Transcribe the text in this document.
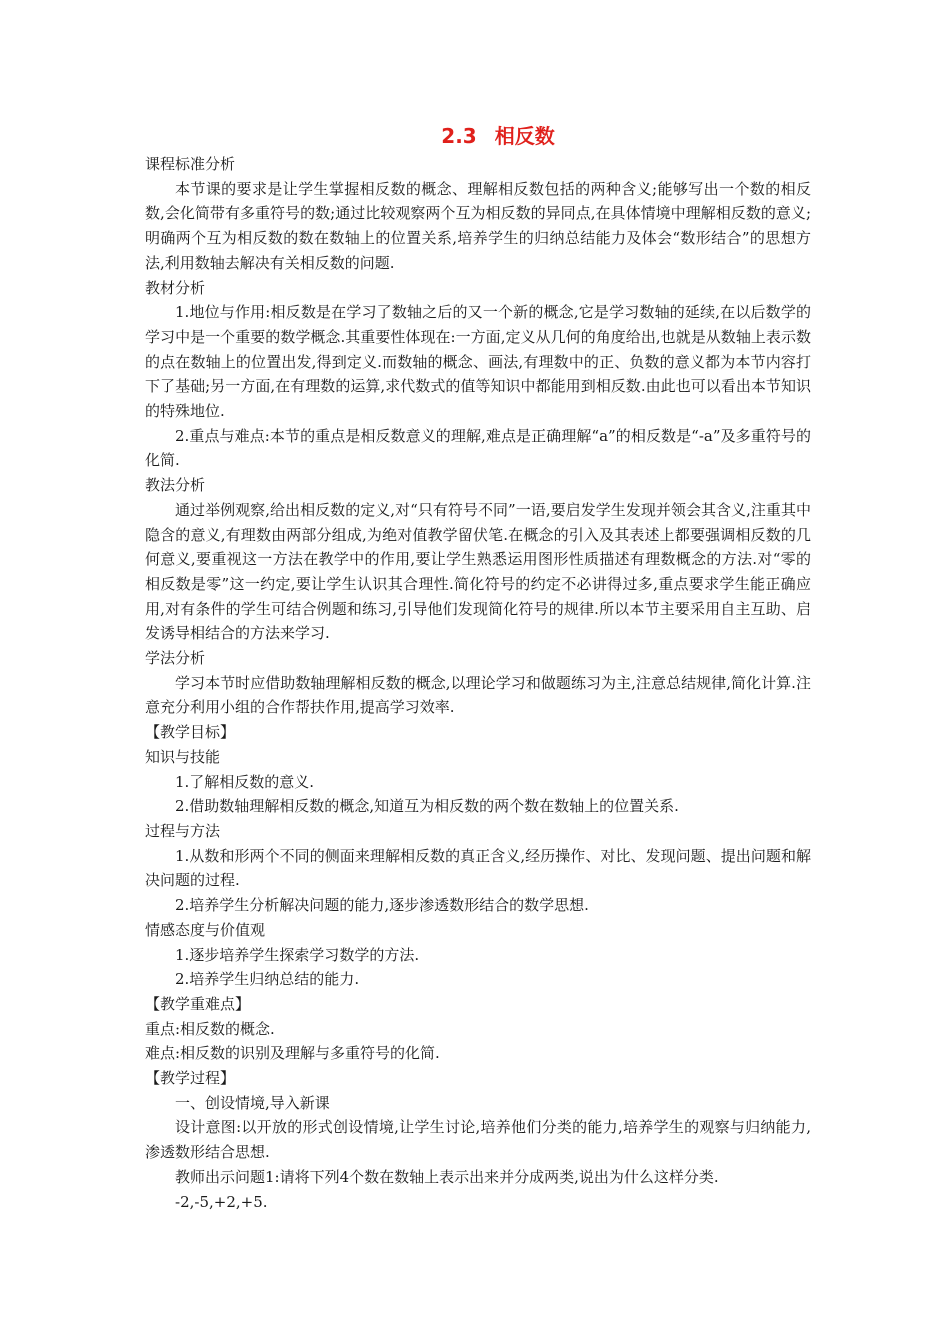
2.3 相反数

课程标准分析

本节课的要求是让学生掌握相反数的概念、理解相反数包括的两种含义;能够写出一个数的相反数,会化简带有多重符号的数;通过比较观察两个互为相反数的异同点,在具体情境中理解相反数的意义;明确两个互为相反数的数在数轴上的位置关系,培养学生的归纳总结能力及体会“数形结合”的思想方法,利用数轴去解决有关相反数的问题.

教材分析

1.地位与作用:相反数是在学习了数轴之后的又一个新的概念,它是学习数轴的延续,在以后数学的学习中是一个重要的数学概念.其重要性体现在:一方面,定义从几何的角度给出,也就是从数轴上表示数的点在数轴上的位置出发,得到定义.而数轴的概念、画法,有理数中的正、负数的意义都为本节内容打下了基础;另一方面,在有理数的运算,求代数式的值等知识中都能用到相反数.由此也可以看出本节知识的特殊地位.

2.重点与难点:本节的重点是相反数意义的理解,难点是正确理解“a”的相反数是“-a”及多重符号的化简.

教法分析

通过举例观察,给出相反数的定义,对“只有符号不同”一语,要启发学生发现并领会其含义,注重其中隐含的意义,有理数由两部分组成,为绝对值教学留伏笔.在概念的引入及其表述上都要强调相反数的几何意义,要重视这一方法在教学中的作用,要让学生熟悉运用图形性质描述有理数概念的方法.对“零的相反数是零”这一约定,要让学生认识其合理性.简化符号的约定不必讲得过多,重点要求学生能正确应用,对有条件的学生可结合例题和练习,引导他们发现简化符号的规律.所以本节主要采用自主互助、启发诱导相结合的方法来学习.

学法分析

学习本节时应借助数轴理解相反数的概念,以理论学习和做题练习为主,注意总结规律,简化计算.注意充分利用小组的合作帮扶作用,提高学习效率.

【教学目标】

知识与技能

1.了解相反数的意义.

2.借助数轴理解相反数的概念,知道互为相反数的两个数在数轴上的位置关系.

过程与方法

1.从数和形两个不同的侧面来理解相反数的真正含义,经历操作、对比、发现问题、提出问题和解决问题的过程.

2.培养学生分析解决问题的能力,逐步渗透数形结合的数学思想.

情感态度与价值观

1.逐步培养学生探索学习数学的方法.

2.培养学生归纳总结的能力.

【教学重难点】

重点:相反数的概念.

难点:相反数的识别及理解与多重符号的化简.

【教学过程】

一、创设情境,导入新课

设计意图:以开放的形式创设情境,让学生讨论,培养他们分类的能力,培养学生的观察与归纳能力,渗透数形结合思想.

教师出示问题1:请将下列4个数在数轴上表示出来并分成两类,说出为什么这样分类.

-2,-5,+2,+5.
